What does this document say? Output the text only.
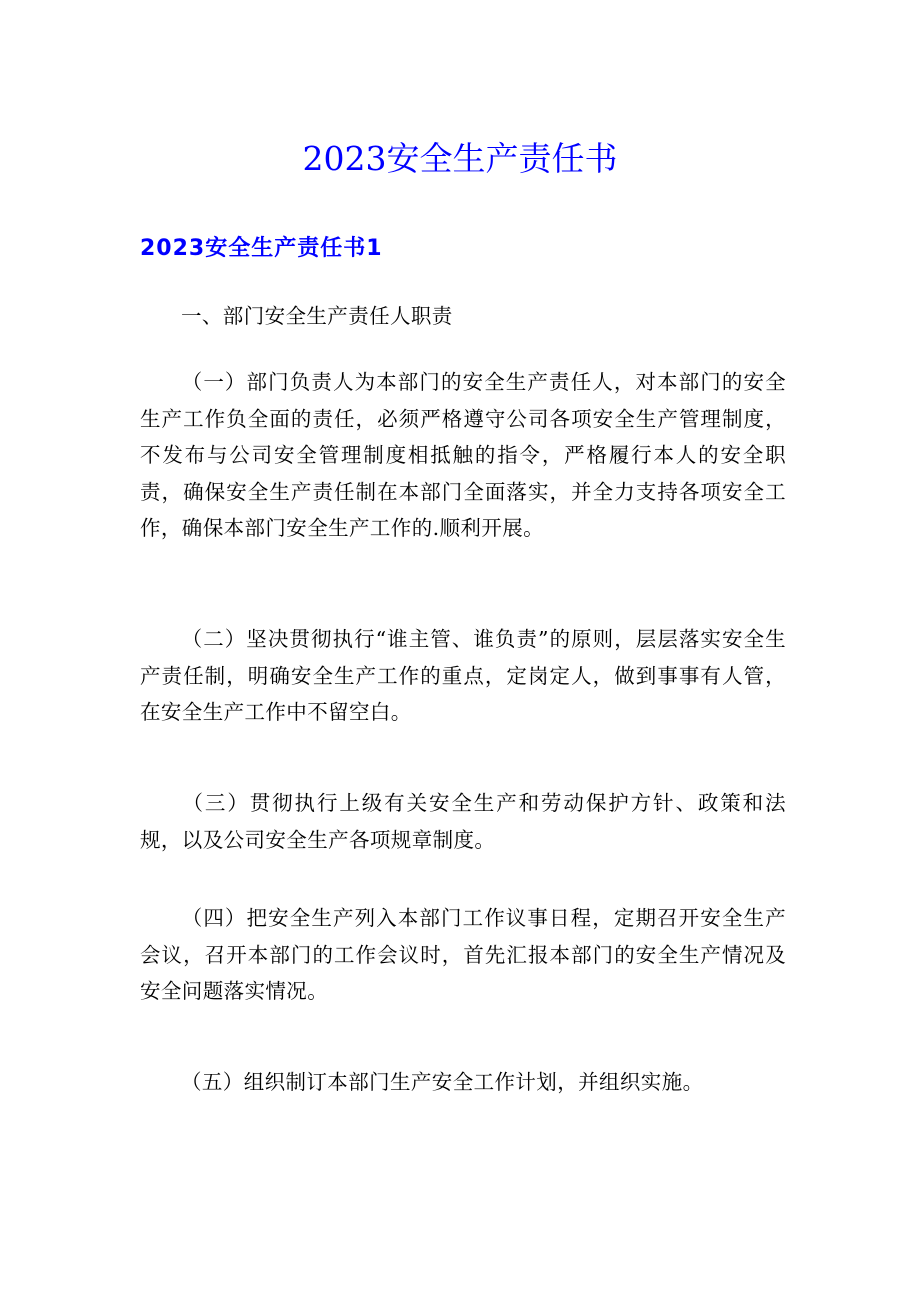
2023安全生产责任书
2023安全生产责任书1

一、部门安全生产责任人职责

（一）部门负责人为本部门的安全生产责任人，对本部门的安全生产工作负全面的责任，必须严格遵守公司各项安全生产管理制度，不发布与公司安全管理制度相抵触的指令，严格履行本人的安全职责，确保安全生产责任制在本部门全面落实，并全力支持各项安全工作，确保本部门安全生产工作的.顺利开展。

（二）坚决贯彻执行“谁主管、谁负责”的原则，层层落实安全生产责任制，明确安全生产工作的重点，定岗定人，做到事事有人管，在安全生产工作中不留空白。

（三）贯彻执行上级有关安全生产和劳动保护方针、政策和法规，以及公司安全生产各项规章制度。

（四）把安全生产列入本部门工作议事日程，定期召开安全生产会议，召开本部门的工作会议时，首先汇报本部门的安全生产情况及安全问题落实情况。

（五）组织制订本部门生产安全工作计划，并组织实施。
